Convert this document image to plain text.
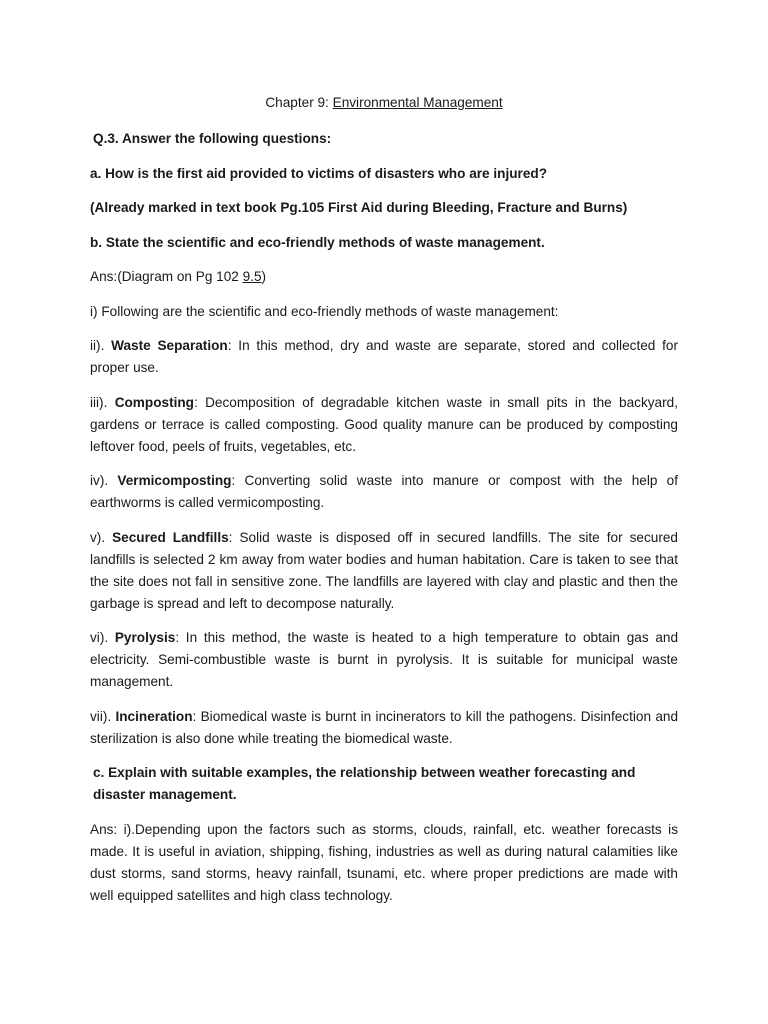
Chapter 9: Environmental Management

Q.3. Answer the following questions:

a. How is the first aid provided to victims of disasters who are injured?

(Already marked in text book Pg.105 First Aid during Bleeding, Fracture and Burns)

b. State the scientific and eco-friendly methods of waste management.

Ans:(Diagram on Pg 102 9.5)

i) Following are the scientific and eco-friendly methods of waste management:

ii). Waste Separation: In this method, dry and waste are separate, stored and collected for proper use.

iii). Composting: Decomposition of degradable kitchen waste in small pits in the backyard, gardens or terrace is called composting. Good quality manure can be produced by composting leftover food, peels of fruits, vegetables, etc.

iv). Vermicomposting: Converting solid waste into manure or compost with the help of earthworms is called vermicomposting.

v). Secured Landfills: Solid waste is disposed off in secured landfills. The site for secured landfills is selected 2 km away from water bodies and human habitation. Care is taken to see that the site does not fall in sensitive zone. The landfills are layered with clay and plastic and then the garbage is spread and left to decompose naturally.

vi). Pyrolysis: In this method, the waste is heated to a high temperature to obtain gas and electricity. Semi-combustible waste is burnt in pyrolysis. It is suitable for municipal waste management.

vii). Incineration: Biomedical waste is burnt in incinerators to kill the pathogens. Disinfection and sterilization is also done while treating the biomedical waste.

c. Explain with suitable examples, the relationship between weather forecasting and disaster management.

Ans: i).Depending upon the factors such as storms, clouds, rainfall, etc. weather forecasts is made. It is useful in aviation, shipping, fishing, industries as well as during natural calamities like dust storms, sand storms, heavy rainfall, tsunami, etc. where proper predictions are made with well equipped satellites and high class technology.
